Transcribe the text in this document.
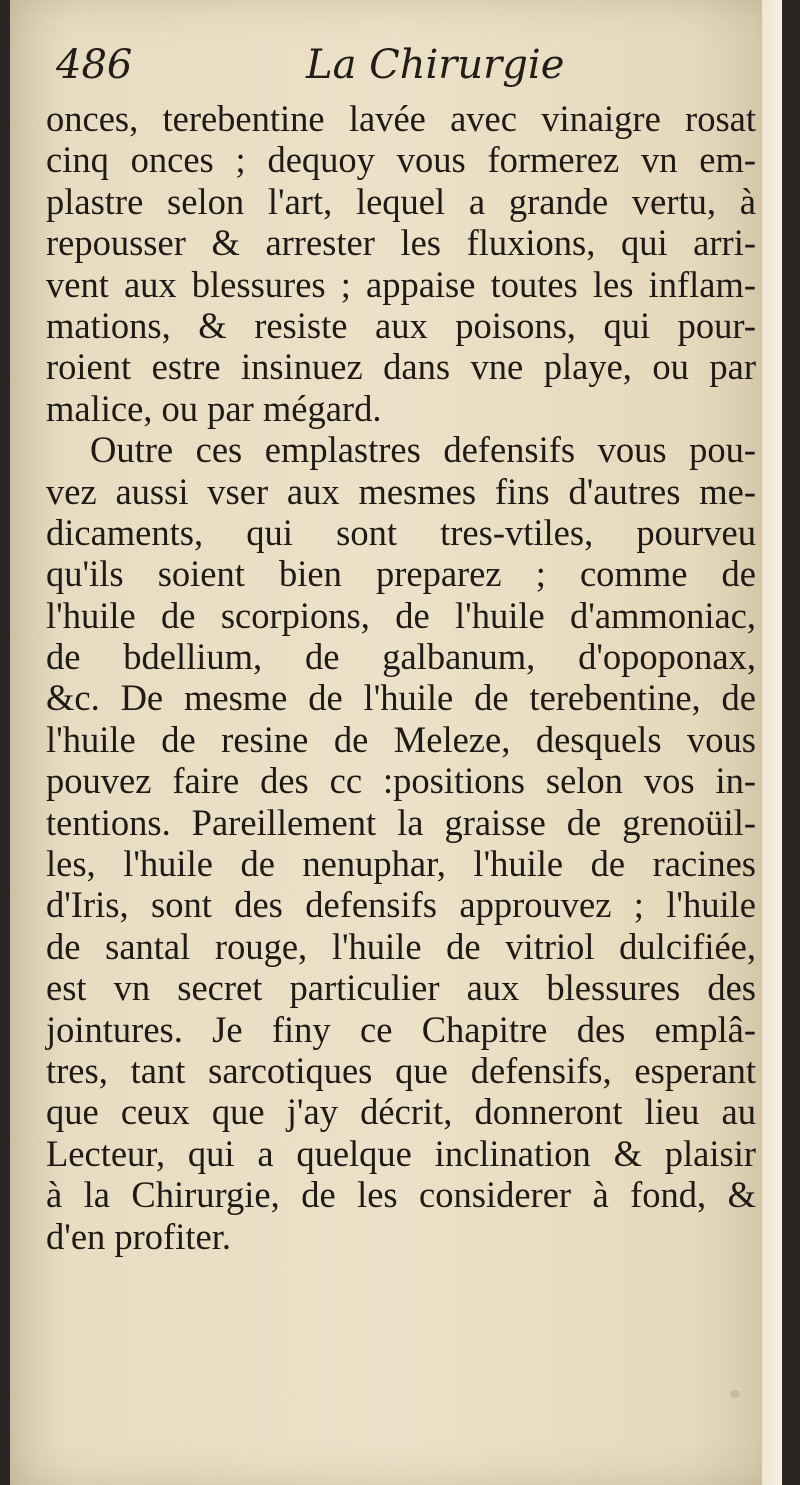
486	La Chirurgie
onces, terebentine lavée avec vinaigre rosat
cinq onces ; dequoy vous formerez vn em-
plastre selon l'art, lequel a grande vertu, à
repousser & arrester les fluxions, qui arri-
vent aux blessures ; appaise toutes les inflam-
mations, & resiste aux poisons, qui pour-
roient estre insinuez dans vne playe, ou par
malice, ou par mégard.
Outre ces emplastres defensifs vous pou-
vez aussi vser aux mesmes fins d'autres me-
dicaments, qui sont tres-vtiles, pourveu
qu'ils soient bien preparez ; comme de
l'huile de scorpions, de l'huile d'ammoniac,
de bdellium, de galbanum, d'opoponax,
&c. De mesme de l'huile de terebentine, de
l'huile de resine de Meleze, desquels vous
pouvez faire des cc :positions selon vos in-
tentions. Pareillement la graisse de grenoüil-
les, l'huile de nenuphar, l'huile de racines
d'Iris, sont des defensifs approuvez ; l'huile
de santal rouge, l'huile de vitriol dulcifiée,
est vn secret particulier aux blessures des
jointures. Je finy ce Chapitre des emplâ-
tres, tant sarcotiques que defensifs, esperant
que ceux que j'ay décrit, donneront lieu au
Lecteur, qui a quelque inclination & plaisir
à la Chirurgie, de les considerer à fond, &
d'en profiter.
